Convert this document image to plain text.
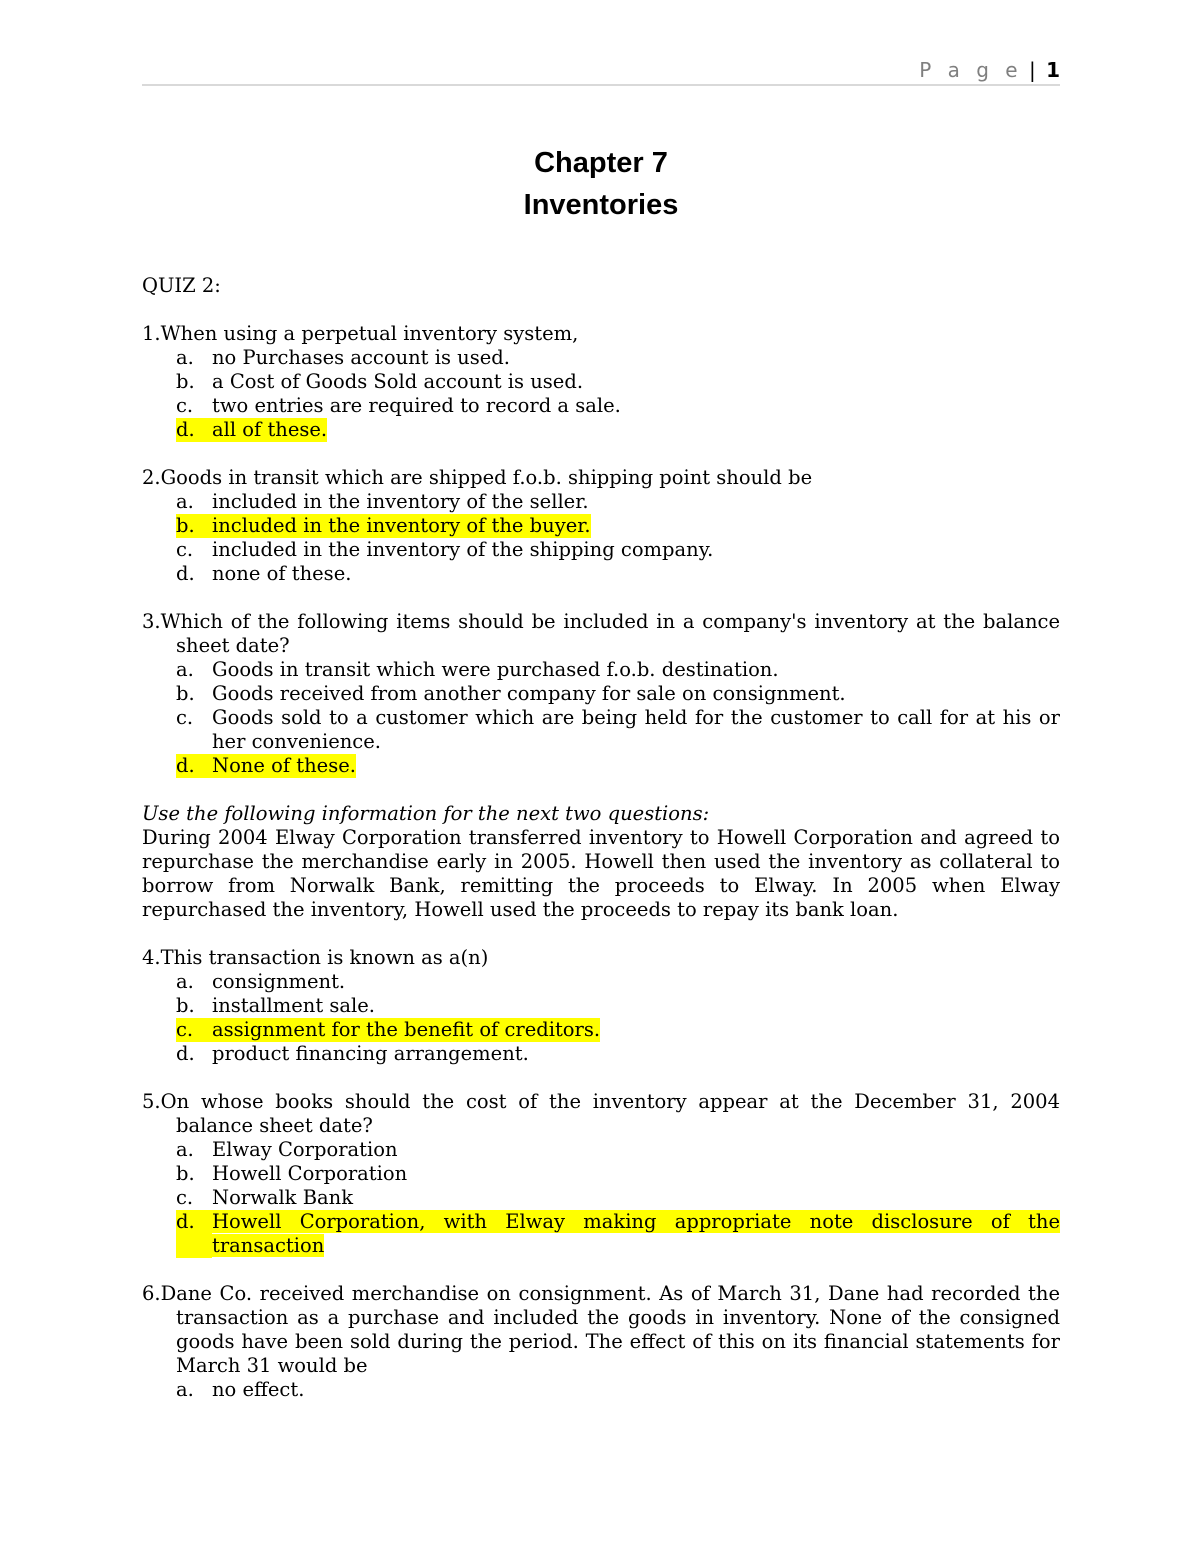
P a g e | 1
Chapter 7
Inventories
QUIZ 2:
1.When using a perpetual inventory system,
a. no Purchases account is used.
b. a Cost of Goods Sold account is used.
c. two entries are required to record a sale.
d. all of these.
2.Goods in transit which are shipped f.o.b. shipping point should be
a. included in the inventory of the seller.
b. included in the inventory of the buyer.
c. included in the inventory of the shipping company.
d. none of these.
3.Which of the following items should be included in a company's inventory at the balance sheet date?
a. Goods in transit which were purchased f.o.b. destination.
b. Goods received from another company for sale on consignment.
c. Goods sold to a customer which are being held for the customer to call for at his or her convenience.
d. None of these.
Use the following information for the next two questions:
During 2004 Elway Corporation transferred inventory to Howell Corporation and agreed to repurchase the merchandise early in 2005. Howell then used the inventory as collateral to borrow from Norwalk Bank, remitting the proceeds to Elway. In 2005 when Elway repurchased the inventory, Howell used the proceeds to repay its bank loan.
4.This transaction is known as a(n)
a. consignment.
b. installment sale.
c. assignment for the benefit of creditors.
d. product financing arrangement.
5.On whose books should the cost of the inventory appear at the December 31, 2004 balance sheet date?
a. Elway Corporation
b. Howell Corporation
c. Norwalk Bank
d. Howell Corporation, with Elway making appropriate note disclosure of the transaction
6.Dane Co. received merchandise on consignment. As of March 31, Dane had recorded the transaction as a purchase and included the goods in inventory. None of the consigned goods have been sold during the period. The effect of this on its financial statements for March 31 would be
a. no effect.
